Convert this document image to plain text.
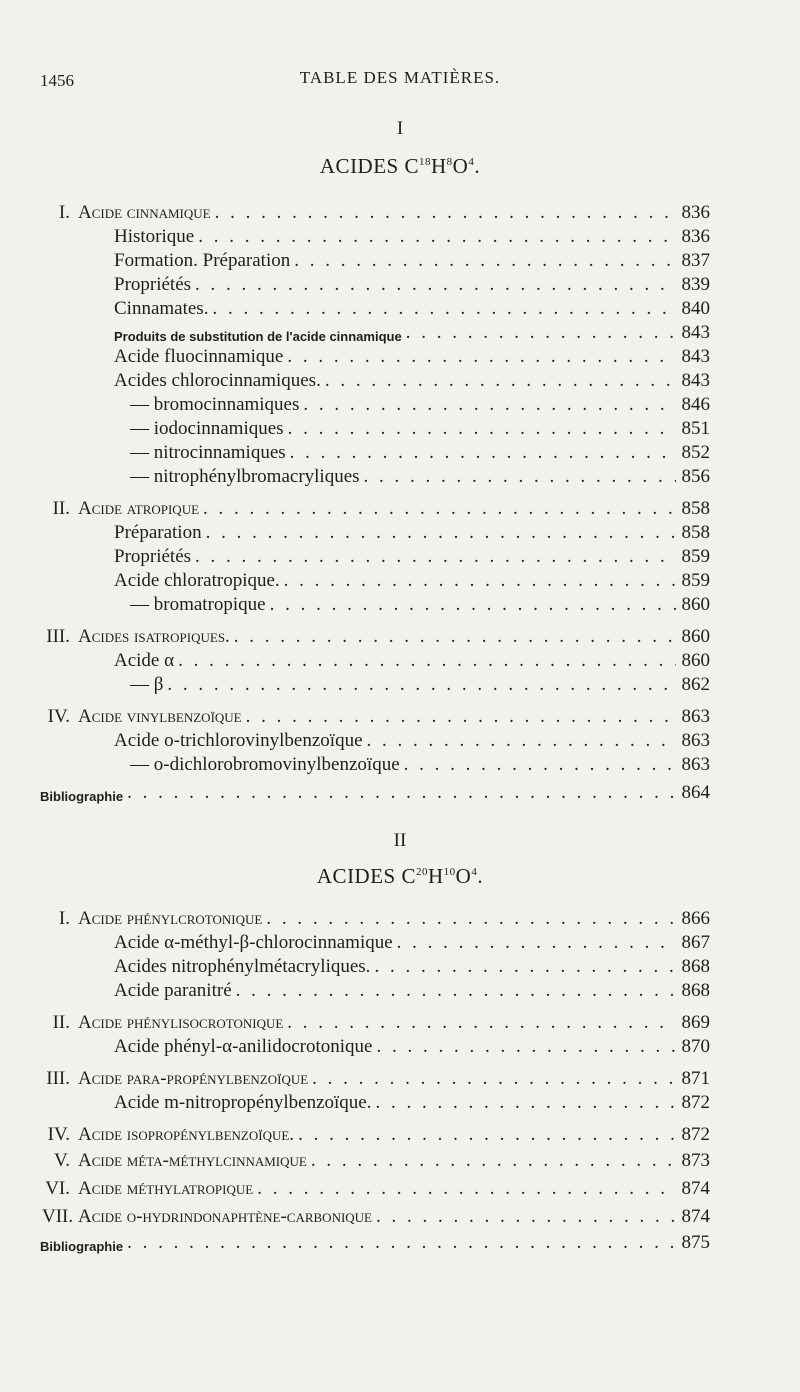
1456	TABLE DES MATIÈRES.
I
ACIDES $C^{18}H^8O^4$.
I. Acide cinnamique . . .	836
Historique . . .	836
Formation. Préparation . . .	837
Propriétés . . .	839
Cinnamates. . . .	840
Produits de substitution de l'acide cinnamique . . .	843
Acide fluocinnamique . . .	843
Acides chlorocinnamiques. . . .	843
— bromocinnamiques . . .	846
— iodocinnamiques . . .	851
— nitrocinnamiques . . .	852
— nitrophénylbromacryliques . . .	856
II. Acide atropique . . .	858
Préparation . . .	858
Propriétés . . .	859
Acide chloratropique. . . .	859
— bromatropique . . .	860
III. Acides isatropiques. . . .	860
Acide α . . .	860
— β . . .	862
IV. Acide vinylbenzoïque . . .	863
Acide o-trichlorovinylbenzoïque . . .	863
— o-dichlorobromovinylbenzoïque . . .	863
Bibliographie . . .	864
II
ACIDES $C^{20}H^{10}O^4$.
I. Acide phénylcrotonique . . .	866
Acide α-méthyl-β-chlorocinnamique . . .	867
Acides nitrophénylmétacryliques. . . .	868
Acide paranitré . . .	868
II. Acide phénylisocrotonique . . .	869
Acide phényl-α-anilidocrotonique . . .	870
III. Acide para-propénylbenzoïque . . .	871
Acide m-nitropropénylbenzoïque. . . .	872
IV. Acide isopropénylbenzoïque. . . .	872
V. Acide méta-méthylcinnamique . . .	873
VI. Acide méthylatropique . . .	874
VII. Acide o-hydrindonaphtène-carbonique . . .	874
Bibliographie . . .	875
